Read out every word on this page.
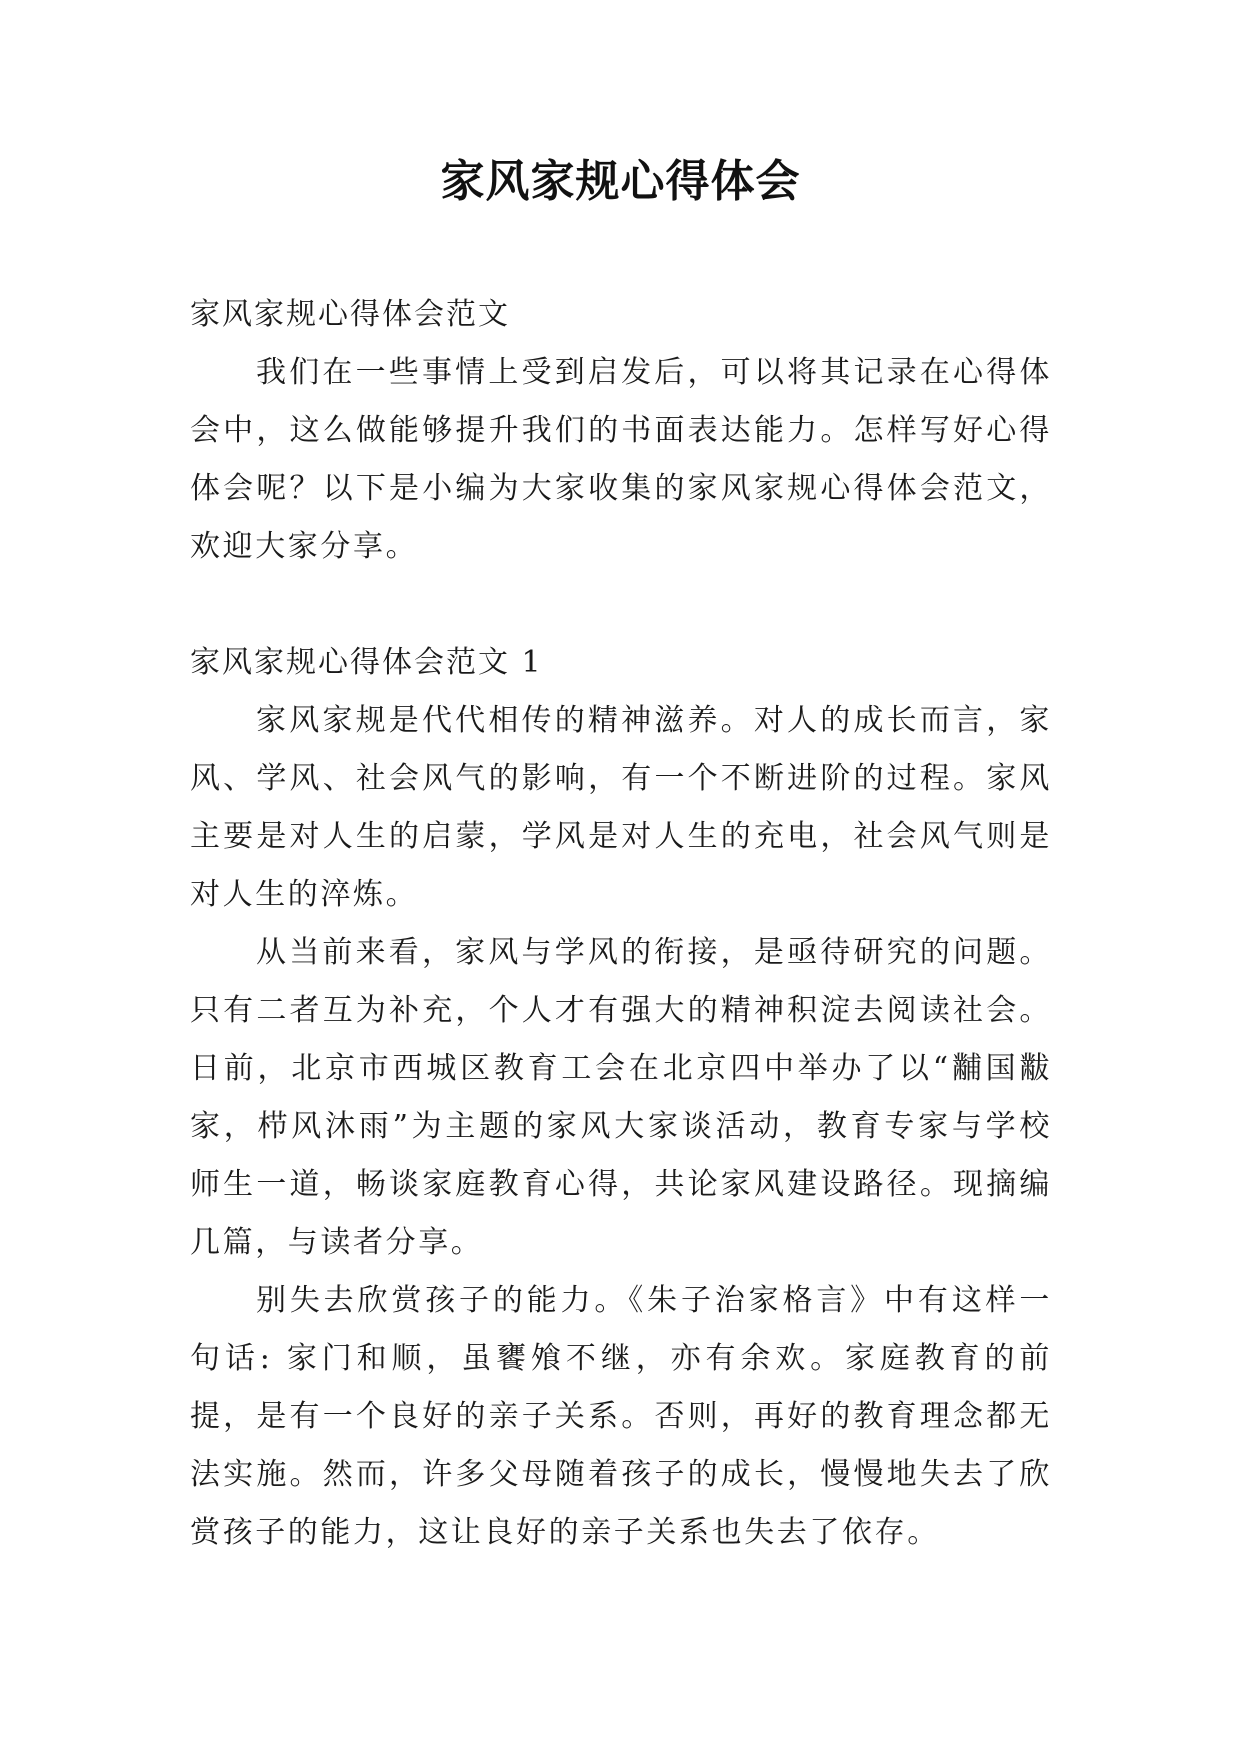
家风家规心得体会

家风家规心得体会范文

我们在一些事情上受到启发后，可以将其记录在心得体会中，这么做能够提升我们的书面表达能力。怎样写好心得体会呢？以下是小编为大家收集的家风家规心得体会范文，欢迎大家分享。

家风家规心得体会范文 1

家风家规是代代相传的精神滋养。对人的成长而言，家风、学风、社会风气的影响，有一个不断进阶的过程。家风主要是对人生的启蒙，学风是对人生的充电，社会风气则是对人生的淬炼。

从当前来看，家风与学风的衔接，是亟待研究的问题。只有二者互为补充，个人才有强大的精神积淀去阅读社会。日前，北京市西城区教育工会在北京四中举办了以“黼国黻家，栉风沐雨”为主题的家风大家谈活动，教育专家与学校师生一道，畅谈家庭教育心得，共论家风建设路径。现摘编几篇，与读者分享。

别失去欣赏孩子的能力。《朱子治家格言》中有这样一句话: 家门和顺，虽饔飧不继，亦有余欢。家庭教育的前提，是有一个良好的亲子关系。否则，再好的教育理念都无法实施。然而，许多父母随着孩子的成长，慢慢地失去了欣赏孩子的能力，这让良好的亲子关系也失去了依存。
